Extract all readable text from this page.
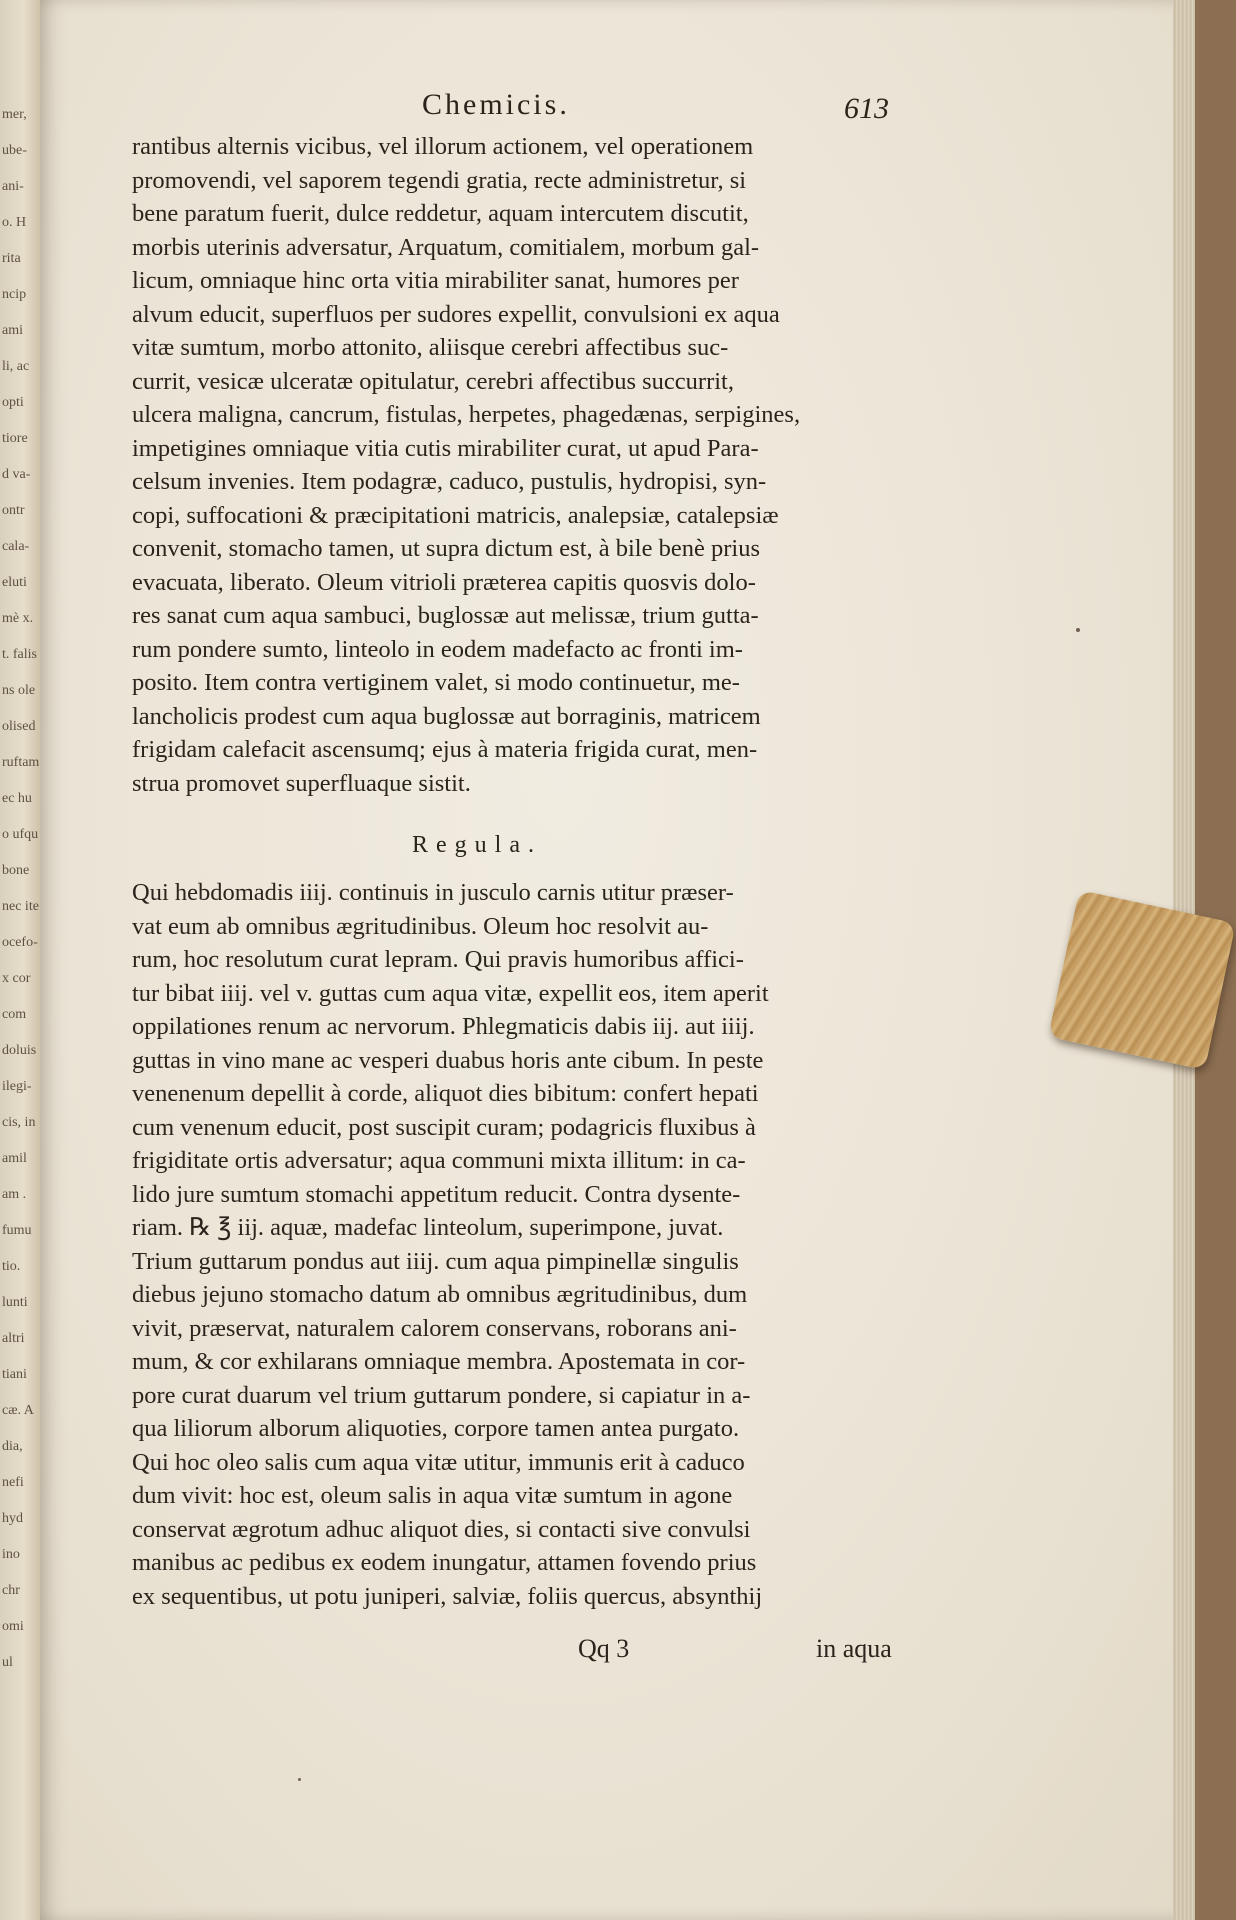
mer,
ube-
ani-
o. H
rita
ncip
ami
li, ac
opti
tiore
d va-
ontr
cala-
eluti
mè x.
t. falis
ns ole
olised
ruftam
ec hu
o ufqu
bone
nec ite
ocefo-
x cor
com
doluis
ilegi-
cis, in
amil
am .
fumu
tio.
lunti
altri
tiani
cæ. A
dia,
nefi
hyd
ino
chr
omi
ul
Chemicis.	613
rantibus alternis vicibus, vel illorum actionem, vel operationem
promovendi, vel saporem tegendi gratia, recte administretur, si
bene paratum fuerit, dulce reddetur, aquam intercutem discutit,
morbis uterinis adversatur, Arquatum, comitialem, morbum gal-
licum, omniaque hinc orta vitia mirabiliter sanat, humores per
alvum educit, superfluos per sudores expellit, convulsioni ex aqua
vitæ sumtum, morbo attonito, aliisque cerebri affectibus suc-
currit, vesicæ ulceratæ opitulatur, cerebri affectibus succurrit,
ulcera maligna, cancrum, fistulas, herpetes, phagedænas, serpigines,
impetigines omniaque vitia cutis mirabiliter curat, ut apud Para-
celsum invenies. Item podagræ, caduco, pustulis, hydropisi, syn-
copi, suffocationi & præcipitationi matricis, analepsiæ, catalepsiæ
convenit, stomacho tamen, ut supra dictum est, à bile benè prius
evacuata, liberato. Oleum vitrioli præterea capitis quosvis dolo-
res sanat cum aqua sambuci, buglossæ aut melissæ, trium gutta-
rum pondere sumto, linteolo in eodem madefacto ac fronti im-
posito. Item contra vertiginem valet, si modo continuetur, me-
lancholicis prodest cum aqua buglossæ aut borraginis, matricem
frigidam calefacit ascensumq; ejus à materia frigida curat, men-
strua promovet superfluaque sistit.
Regula.
Qui hebdomadis iiij. continuis in jusculo carnis utitur præser-
vat eum ab omnibus ægritudinibus. Oleum hoc resolvit au-
rum, hoc resolutum curat lepram. Qui pravis humoribus affici-
tur bibat iiij. vel v. guttas cum aqua vitæ, expellit eos, item aperit
oppilationes renum ac nervorum. Phlegmaticis dabis iij. aut iiij.
guttas in vino mane ac vesperi duabus horis ante cibum. In peste
venenenum depellit à corde, aliquot dies bibitum: confert hepati
cum venenum educit, post suscipit curam; podagricis fluxibus à
frigiditate ortis adversatur; aqua communi mixta illitum: in ca-
lido jure sumtum stomachi appetitum reducit. Contra dysente-
riam. ℞ ℥ iij. aquæ, madefac linteolum, superimpone, juvat.
Trium guttarum pondus aut iiij. cum aqua pimpinellæ singulis
diebus jejuno stomacho datum ab omnibus ægritudinibus, dum
vivit, præservat, naturalem calorem conservans, roborans ani-
mum, & cor exhilarans omniaque membra. Apostemata in cor-
pore curat duarum vel trium guttarum pondere, si capiatur in a-
qua liliorum alborum aliquoties, corpore tamen antea purgato.
Qui hoc oleo salis cum aqua vitæ utitur, immunis erit à caduco
dum vivit: hoc est, oleum salis in aqua vitæ sumtum in agone
conservat ægrotum adhuc aliquot dies, si contacti sive convulsi
manibus ac pedibus ex eodem inungatur, attamen fovendo prius
ex sequentibus, ut potu juniperi, salviæ, foliis quercus, absynthij
Qq 3	in aqua
